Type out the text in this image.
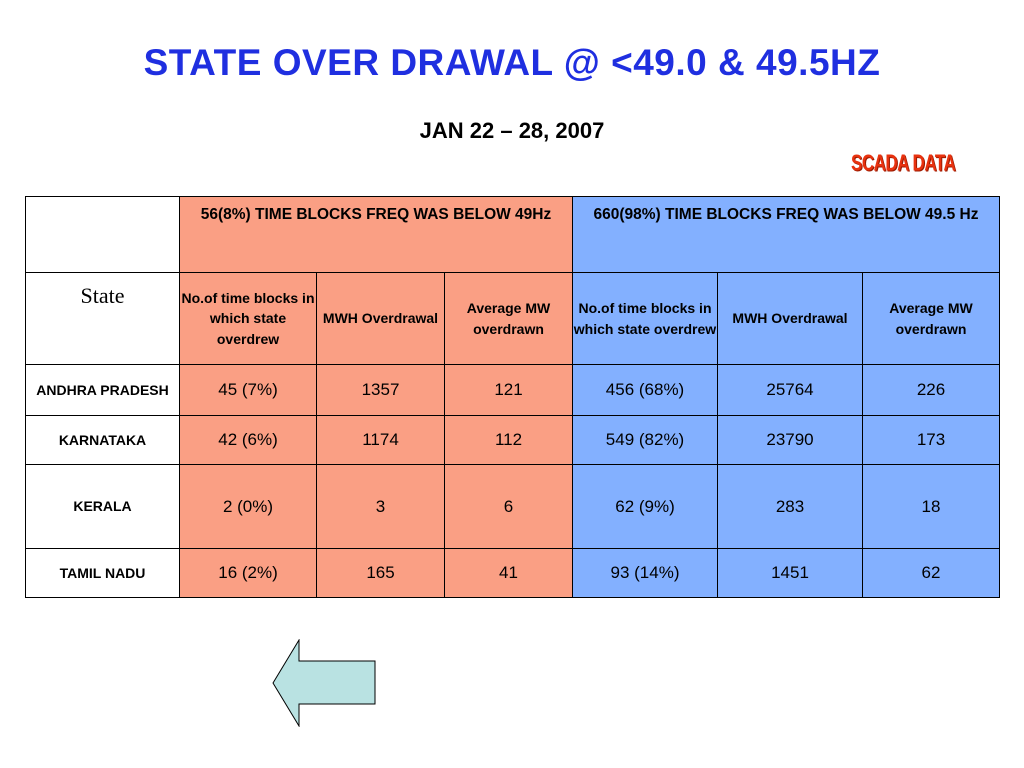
STATE OVER DRAWAL @ <49.0 & 49.5HZ
JAN 22 – 28, 2007
SCADA DATA
	56(8%) TIME BLOCKS FREQ WAS BELOW 49Hz			660(98%) TIME BLOCKS FREQ WAS BELOW 49.5 Hz		
State	No.of time blocks in which state overdrew	MWH Overdrawal	Average MW overdrawn	No.of time blocks in which state overdrew	MWH Overdrawal	Average MW overdrawn
ANDHRA PRADESH	45 (7%)	1357	121	456 (68%)	25764	226
KARNATAKA	42 (6%)	1174	112	549 (82%)	23790	173
KERALA	2 (0%)	3	6	62 (9%)	283	18
TAMIL NADU	16 (2%)	165	41	93 (14%)	1451	62
